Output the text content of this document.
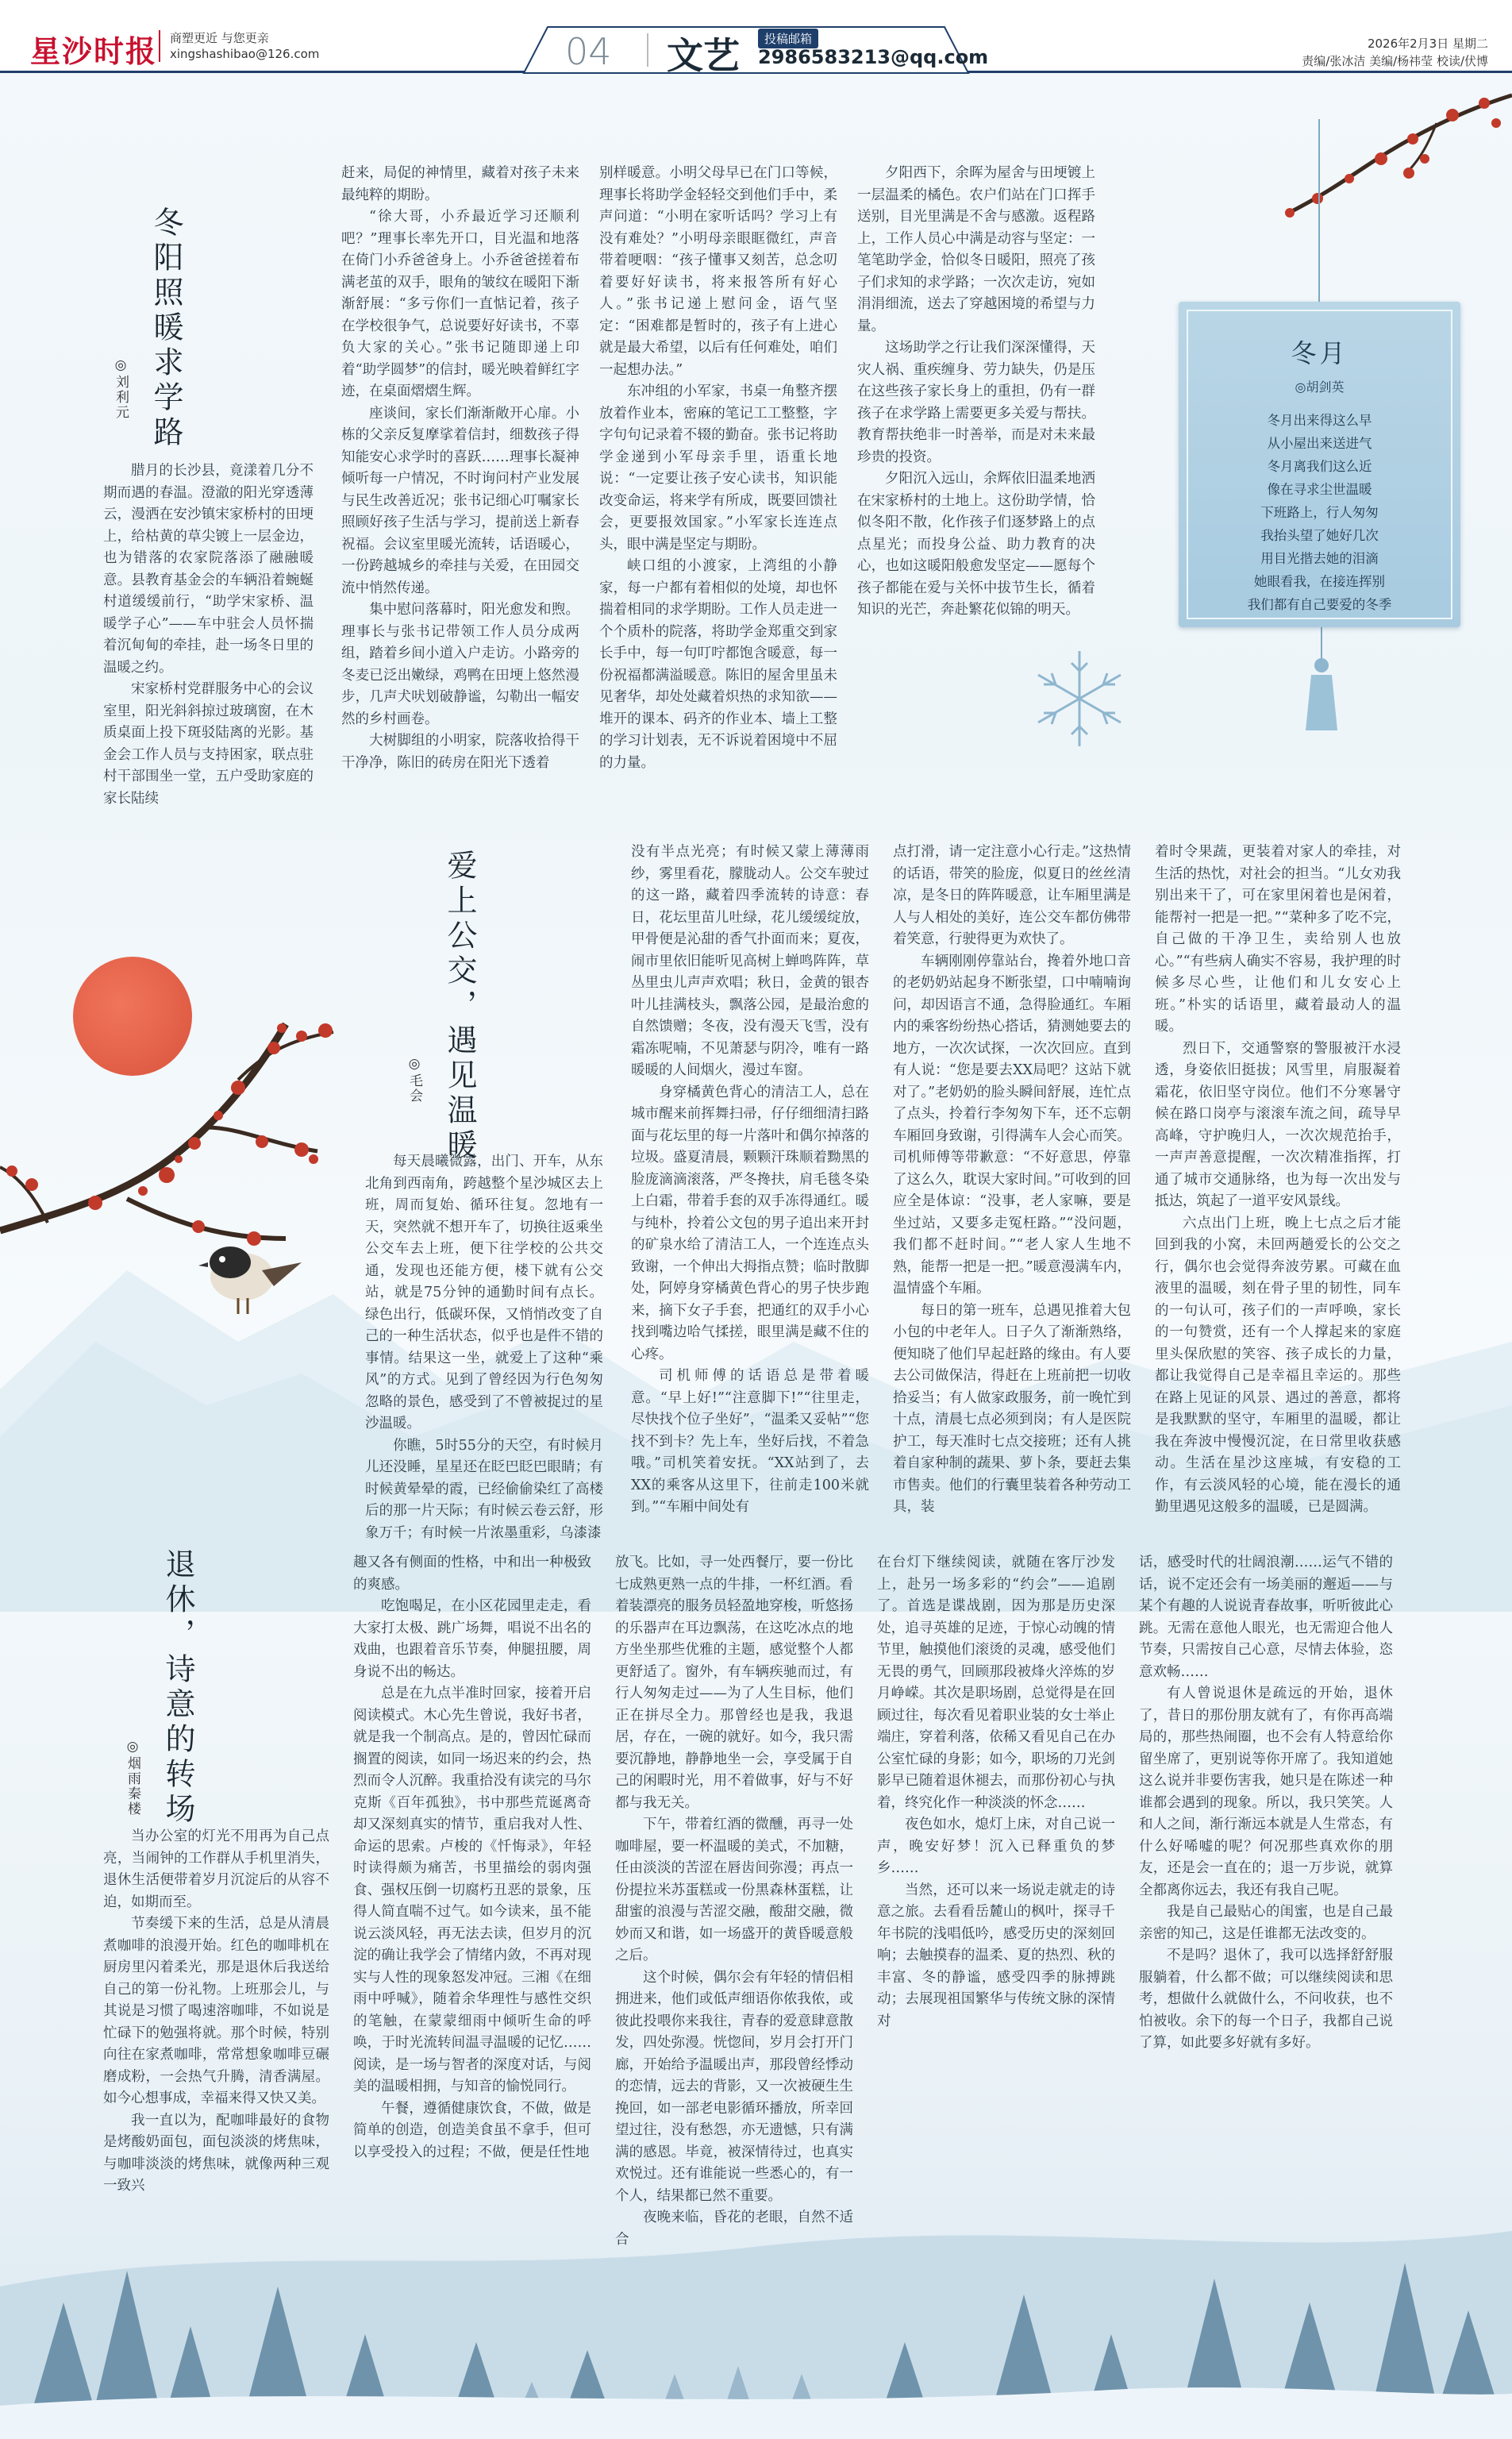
星沙时报 商塑更近 与您更亲
xingshashibao@126.com	04 文艺	投稿邮箱
2986583213@qq.com
2026年2月3日 星期二
责编/张冰洁 美编/杨祎莹 校读/伏博
冬阳照暖求学路
◎刘利元

腊月的长沙县，竟漾着几分不期而遇的春温。澄澈的阳光穿透薄云，漫洒在安沙镇宋家桥村的田埂上，给枯黄的草尖镀上一层金边，也为错落的农家院落添了融融暖意。县教育基金会的车辆沿着蜿蜒村道缓缓前行，“助学宋家桥、温暖学子心”——车中驻会人员怀揣着沉甸甸的牵挂，赴一场冬日里的温暖之约。

宋家桥村党群服务中心的会议室里，阳光斜斜掠过玻璃窗，在木质桌面上投下斑驳陆离的光影。基金会工作人员与支持困家，联点驻村干部围坐一堂，五户受助家庭的家长陆续

赶来，局促的神情里，藏着对孩子未来最纯粹的期盼。

“徐大哥，小乔最近学习还顺利吧？”理事长率先开口，目光温和地落在倚门小乔爸爸身上。小乔爸爸搓着布满老茧的双手，眼角的皱纹在暖阳下渐渐舒展：“多亏你们一直惦记着，孩子在学校很争气，总说要好好读书，不辜负大家的关心。”张书记随即递上印着“助学圆梦”的信封，暖光映着鲜红字迹，在桌面熠熠生辉。

座谈间，家长们渐渐敞开心扉。小栋的父亲反复摩挲着信封，细数孩子得知能安心求学时的喜跃……理事长凝神倾听每一户情况，不时询问村产业发展与民生改善近况；张书记细心叮嘱家长照顾好孩子生活与学习，提前送上新春祝福。会议室里暖光流转，话语暖心，一份跨越城乡的牵挂与关爱，在田园交流中悄然传递。

集中慰问落幕时，阳光愈发和煦。理事长与张书记带领工作人员分成两组，踏着乡间小道入户走访。小路旁的冬麦已泛出嫩绿，鸡鸭在田埂上悠然漫步，几声犬吠划破静谧，勾勒出一幅安然的乡村画卷。

大树脚组的小明家，院落收拾得干干净净，陈旧的砖房在阳光下透着

别样暖意。小明父母早已在门口等候，理事长将助学金轻轻交到他们手中，柔声问道：“小明在家听话吗？学习上有没有难处？”小明母亲眼眶微红，声音带着哽咽：“孩子懂事又刻苦，总念叨着要好好读书，将来报答所有好心人。”张书记递上慰问金，语气坚定：“困难都是暂时的，孩子有上进心就是最大希望，以后有任何难处，咱们一起想办法。”

东冲组的小军家，书桌一角整齐摆放着作业本，密麻的笔记工工整整，字字句句记录着不辍的勤奋。张书记将助学金递到小军母亲手里，语重长地说：“一定要让孩子安心读书，知识能改变命运，将来学有所成，既要回馈社会，更要报效国家。”小军家长连连点头，眼中满是坚定与期盼。

峡口组的小渡家，上湾组的小静家，每一户都有着相似的处境，却也怀揣着相同的求学期盼。工作人员走进一个个质朴的院落，将助学金郑重交到家长手中，每一句叮咛都饱含暖意，每一份祝福都满溢暖意。陈旧的屋舍里虽未见奢华，却处处藏着炽热的求知欲——堆开的课本、码齐的作业本、墙上工整的学习计划表，无不诉说着困境中不屈的力量。

夕阳西下，余晖为屋舍与田埂镀上一层温柔的橘色。农户们站在门口挥手送别，目光里满是不舍与感激。返程路上，工作人员心中满是动容与坚定：一笔笔助学金，恰似冬日暖阳，照亮了孩子们求知的求学路；一次次走访，宛如涓涓细流，送去了穿越困境的希望与力量。

这场助学之行让我们深深懂得，天灾人祸、重疾缠身、劳力缺失，仍是压在这些孩子家长身上的重担，仍有一群孩子在求学路上需要更多关爱与帮扶。教育帮扶绝非一时善举，而是对未来最珍贵的投资。

夕阳沉入远山，余辉依旧温柔地洒在宋家桥村的土地上。这份助学情，恰似冬阳不散，化作孩子们逐梦路上的点点星光；而投身公益、助力教育的决心，也如这暖阳般愈发坚定——愿每个孩子都能在爱与关怀中拔节生长，循着知识的光芒，奔赴繁花似锦的明天。

冬月
◎胡剑英
冬月出来得这么早
从小屋出来送进气
冬月离我们这么近
像在寻求尘世温暖
下班路上，行人匆匆
我抬头望了她好几次
用目光揩去她的泪滴
她眼看我，在接连挥别
我们都有自己要爱的冬季
爱上公交，遇见温暖
◎毛会

每天晨曦微露，出门、开车，从东北角到西南角，跨越整个星沙城区去上班，周而复始、循环往复。忽地有一天，突然就不想开车了，切换往返乘坐公交车去上班，便下往学校的公共交通，发现也还能方便，楼下就有公交站，就是75分钟的通勤时间有点长。绿色出行，低碳环保，又悄悄改变了自己的一种生活状态，似乎也是件不错的事情。结果这一坐，就爱上了这种“乘风”的方式。见到了曾经因为行色匆匆忽略的景色，感受到了不曾被捉过的星沙温暖。

你瞧，5时55分的天空，有时候月儿还没睡，星星还在眨巴眨巴眼睛；有时候黄晕晕的霞，已经偷偷染红了高楼后的那一片天际；有时候云卷云舒，形象万千；有时候一片浓墨重彩，乌漆漆

没有半点光亮；有时候又蒙上薄薄雨纱，雾里看花，朦胧动人。公交车驶过的这一路，藏着四季流转的诗意：春日，花坛里苗儿吐绿，花儿缓缓绽放，甲骨便是沁甜的香气扑面而来；夏夜，闹市里依旧能听见高树上蝉鸣阵阵，草丛里虫儿声声欢唱；秋日，金黄的银杏叶儿挂满枝头，飘落公园，是最治愈的自然馈赠；冬夜，没有漫天飞雪，没有霜冻呢喃，不见萧瑟与阴冷，唯有一路暖暖的人间烟火，漫过车窗。

身穿橘黄色背心的清洁工人，总在城市醒来前挥舞扫帚，仔仔细细清扫路面与花坛里的每一片落叶和偶尔掉落的垃圾。盛夏清晨，颗颗汗珠顺着黝黑的脸庞滴滴滚落，严冬搀扶，肩毛毯冬染上白霜，带着手套的双手冻得通红。暖与纯朴，拎着公文包的男子追出来开封的矿泉水给了清洁工人，一个连连点头致谢，一个伸出大拇指点赞；临时散脚处，阿婷身穿橘黄色背心的男子快步跑来，摘下女子手套，把通红的双手小心找到嘴边哈气揉搓，眼里满是藏不住的心疼。

司机师傅的话语总是带着暖意。“早上好!”“注意脚下!”“往里走，尽快找个位子坐好”，“温柔又妥帖”“您找不到卡？先上车，坐好后找，不着急哦。”司机笑着安抚。“XX站到了，去XX的乘客从这里下，往前走100米就到。”“车厢中间处有

点打滑，请一定注意小心行走。”这热情的话语，带笑的脸庞，似夏日的丝丝清凉，是冬日的阵阵暖意，让车厢里满是人与人相处的美好，连公交车都仿佛带着笑意，行驶得更为欢快了。

车辆刚刚停靠站台，搀着外地口音的老奶奶站起身不断张望，口中喃喃询问，却因语言不通，急得脸通红。车厢内的乘客纷纷热心搭话，猜测她要去的地方，一次次试探，一次次回应。直到有人说：“您是要去XX局吧？这站下就对了。”老奶奶的脸头瞬间舒展，连忙点了点头，拎着行李匆匆下车，还不忘朝车厢回身致谢，引得满车人会心而笑。司机师傅等带歉意：“不好意思，停靠了这么久，耽误大家时间。”可收到的回应全是体谅：“没事，老人家嘛，要是坐过站，又要多走冤枉路。”“没问题，我们都不赶时间。”“老人家人生地不熟，能帮一把是一把。”暖意漫满车内，温情盛个车厢。

每日的第一班车，总遇见推着大包小包的中老年人。日子久了渐渐熟络，便知晓了他们早起赶路的缘由。有人要去公司做保洁，得赶在上班前把一切收拾妥当；有人做家政服务，前一晚忙到十点，清晨七点必须到岗；有人是医院护工，每天准时七点交接班；还有人挑着自家种制的蔬果、萝卜条，要赶去集市售卖。他们的行囊里装着各种劳动工具，装

着时令果蔬，更装着对家人的牵挂，对生活的热忱，对社会的担当。“儿女劝我别出来干了，可在家里闲着也是闲着，能帮衬一把是一把。”“菜种多了吃不完，自己做的干净卫生，卖给别人也放心。”“有些病人确实不容易，我护理的时候多尽心些，让他们和儿女安心上班。”朴实的话语里，藏着最动人的温暖。

烈日下，交通警察的警服被汗水浸透，身姿依旧挺拔；风雪里，肩服凝着霜花，依旧坚守岗位。他们不分寒暑守候在路口岗亭与滚滚车流之间，疏导早高峰，守护晚归人，一次次规范抬手，一声声善意提醒，一次次精准指挥，打通了城市交通脉络，也为每一次出发与抵达，筑起了一道平安风景线。

六点出门上班，晚上七点之后才能回到我的小窝，未回两趟爱长的公交之行，偶尔也会觉得奔波劳累。可藏在血液里的温暖，刻在骨子里的韧性，同车的一句认可，孩子们的一声呼唤，家长的一句赞赏，还有一个人撑起来的家庭里头保欣慰的笑容、孩子成长的力量，都让我觉得自己是幸福且幸运的。那些在路上见证的风景、遇过的善意，都将是我默默的坚守，车厢里的温暖，都让我在奔波中慢慢沉淀，在日常里收获感动。生活在星沙这座城，有安稳的工作，有云淡风轻的心境，能在漫长的通勤里遇见这般多的温暖，已是圆满。

退休，诗意的转场
◎烟雨秦楼

当办公室的灯光不用再为自己点亮，当闹钟的工作群从手机里消失，退休生活便带着岁月沉淀后的从容不迫，如期而至。

节奏缓下来的生活，总是从清晨煮咖啡的浪漫开始。红色的咖啡机在厨房里闪着柔光，那是退休后我送给自己的第一份礼物。上班那会儿，与其说是习惯了喝速溶咖啡，不如说是忙碌下的勉强将就。那个时候，特别向往在家煮咖啡，常常想象咖啡豆碾磨成粉，一会热气升腾，清香满屋。如今心想事成，幸福来得又快又美。

我一直以为，配咖啡最好的食物是烤酸奶面包，面包淡淡的烤焦味，与咖啡淡淡的烤焦味，就像两种三观一致兴

趣又各有侧面的性格，中和出一种极致的爽感。

吃饱喝足，在小区花园里走走，看大家打太极、跳广场舞，唱说不出名的戏曲，也跟着音乐节奏，伸腿扭腰，周身说不出的畅达。

总是在九点半准时回家，接着开启阅读模式。木心先生曾说，我好书者，就是我一个制高点。是的，曾因忙碌而搁置的阅读，如同一场迟来的约会，热烈而令人沉醉。我重拾没有读完的马尔克斯《百年孤独》，书中那些荒诞离奇却又深刻真实的情节，重启我对人性、命运的思索。卢梭的《忏悔录》，年轻时读得颇为痛苦，书里描绘的弱肉强食、强权压倒一切腐朽丑恶的景象，压得人简直喘不过气。如今读来，虽不能说云淡风轻，再无法去读，但岁月的沉淀的确让我学会了情绪内敛，不再对现实与人性的现象怒发冲冠。三湘《在细雨中呼喊》，随着余华理性与感性交织的笔触，在蒙蒙细雨中倾听生命的呼唤，于时光流转间温寻温暖的记忆……阅读，是一场与智者的深度对话，与阅美的温暖相拥，与知音的愉悦同行。

午餐，遵循健康饮食，不做，做是简单的创造，创造美食虽不拿手，但可以享受投入的过程；不做，便是任性地

放飞。比如，寻一处西餐厅，要一份比七成熟更熟一点的牛排，一杯红酒。看着装漂亮的服务员轻盈地穿梭，听悠扬的乐器声在耳边飘荡，在这吃冰点的地方坐坐那些优雅的主题，感觉整个人都更舒适了。窗外，有车辆疾驰而过，有行人匆匆走过——为了人生目标，他们正在拼尽全力。那曾经也是我，我退居，存在，一碗的就好。如今，我只需要沉静地，静静地坐一会，享受属于自己的闲暇时光，用不着做事，好与不好都与我无关。

下午，带着红酒的微醺，再寻一处咖啡屋，要一杯温暖的美式，不加糖，任由淡淡的苦涩在唇齿间弥漫；再点一份提拉米苏蛋糕或一份黑森林蛋糕，让甜蜜的浪漫与苦涩交融，酸甜交融，微妙而又和谐，如一场盛开的黄昏暖意般之后。

这个时候，偶尔会有年轻的情侣相拥进来，他们或低声细语你侬我侬，或彼此投喂你来我往，青春的爱意肆意散发，四处弥漫。恍惚间，岁月会打开门廊，开始给予温暖出声，那段曾经悸动的恋情，远去的背影，又一次被硬生生挽回，如一部老电影循环播放，所幸回望过往，没有愁怨，亦无遗憾，只有满满的感恩。毕竟，被深情待过，也真实欢悦过。还有谁能说一些悉心的，有一个人，结果都已然不重要。

夜晚来临，昏花的老眼，自然不适合

在台灯下继续阅读，就随在客厅沙发上，赴另一场多彩的“约会”——追剧了。首选是谍战剧，因为那是历史深处，追寻英雄的足迹，于惊心动魄的情节里，触摸他们滚烫的灵魂，感受他们无畏的勇气，回顾那段被烽火淬炼的岁月峥嵘。其次是职场剧，总觉得是在回顾过往，每次看见着职业装的女士举止端庄，穿着利落，依稀又看见自己在办公室忙碌的身影；如今，职场的刀光剑影早已随着退休褪去，而那份初心与执着，终究化作一种淡淡的怀念……

夜色如水，熄灯上床，对自己说一声，晚安好梦！沉入已释重负的梦乡……

当然，还可以来一场说走就走的诗意之旅。去看看岳麓山的枫叶，探寻千年书院的浅唱低吟，感受历史的深刻回响；去触摸春的温柔、夏的热烈、秋的丰富、冬的静谧，感受四季的脉搏跳动；去展现祖国繁华与传统文脉的深情对

话，感受时代的壮阔浪潮……运气不错的话，说不定还会有一场美丽的邂逅——与某个有趣的人说说青春故事，听听彼此心跳。无需在意他人眼光，也无需迎合他人节奏，只需按自己心意，尽情去体验，恣意欢畅……

有人曾说退休是疏远的开始，退休了，昔日的那份朋友就有了，有你再高端局的，那些热闹圈，也不会有人特意给你留坐席了，更别说等你开席了。我知道她这么说并非要伤害我，她只是在陈述一种谁都会遇到的现象。所以，我只笑笑。人和人之间，渐行渐远本就是人生常态，有什么好唏嘘的呢？何况那些真欢你的朋友，还是会一直在的；退一万步说，就算全都离你远去，我还有我自己呢。

我是自己最贴心的闺蜜，也是自己最亲密的知己，这是任谁都无法改变的。

不是吗？退休了，我可以选择舒舒服服躺着，什么都不做；可以继续阅读和思考，想做什么就做什么，不问收获，也不怕被收。余下的每一个日子，我都自己说了算，如此要多好就有多好。
